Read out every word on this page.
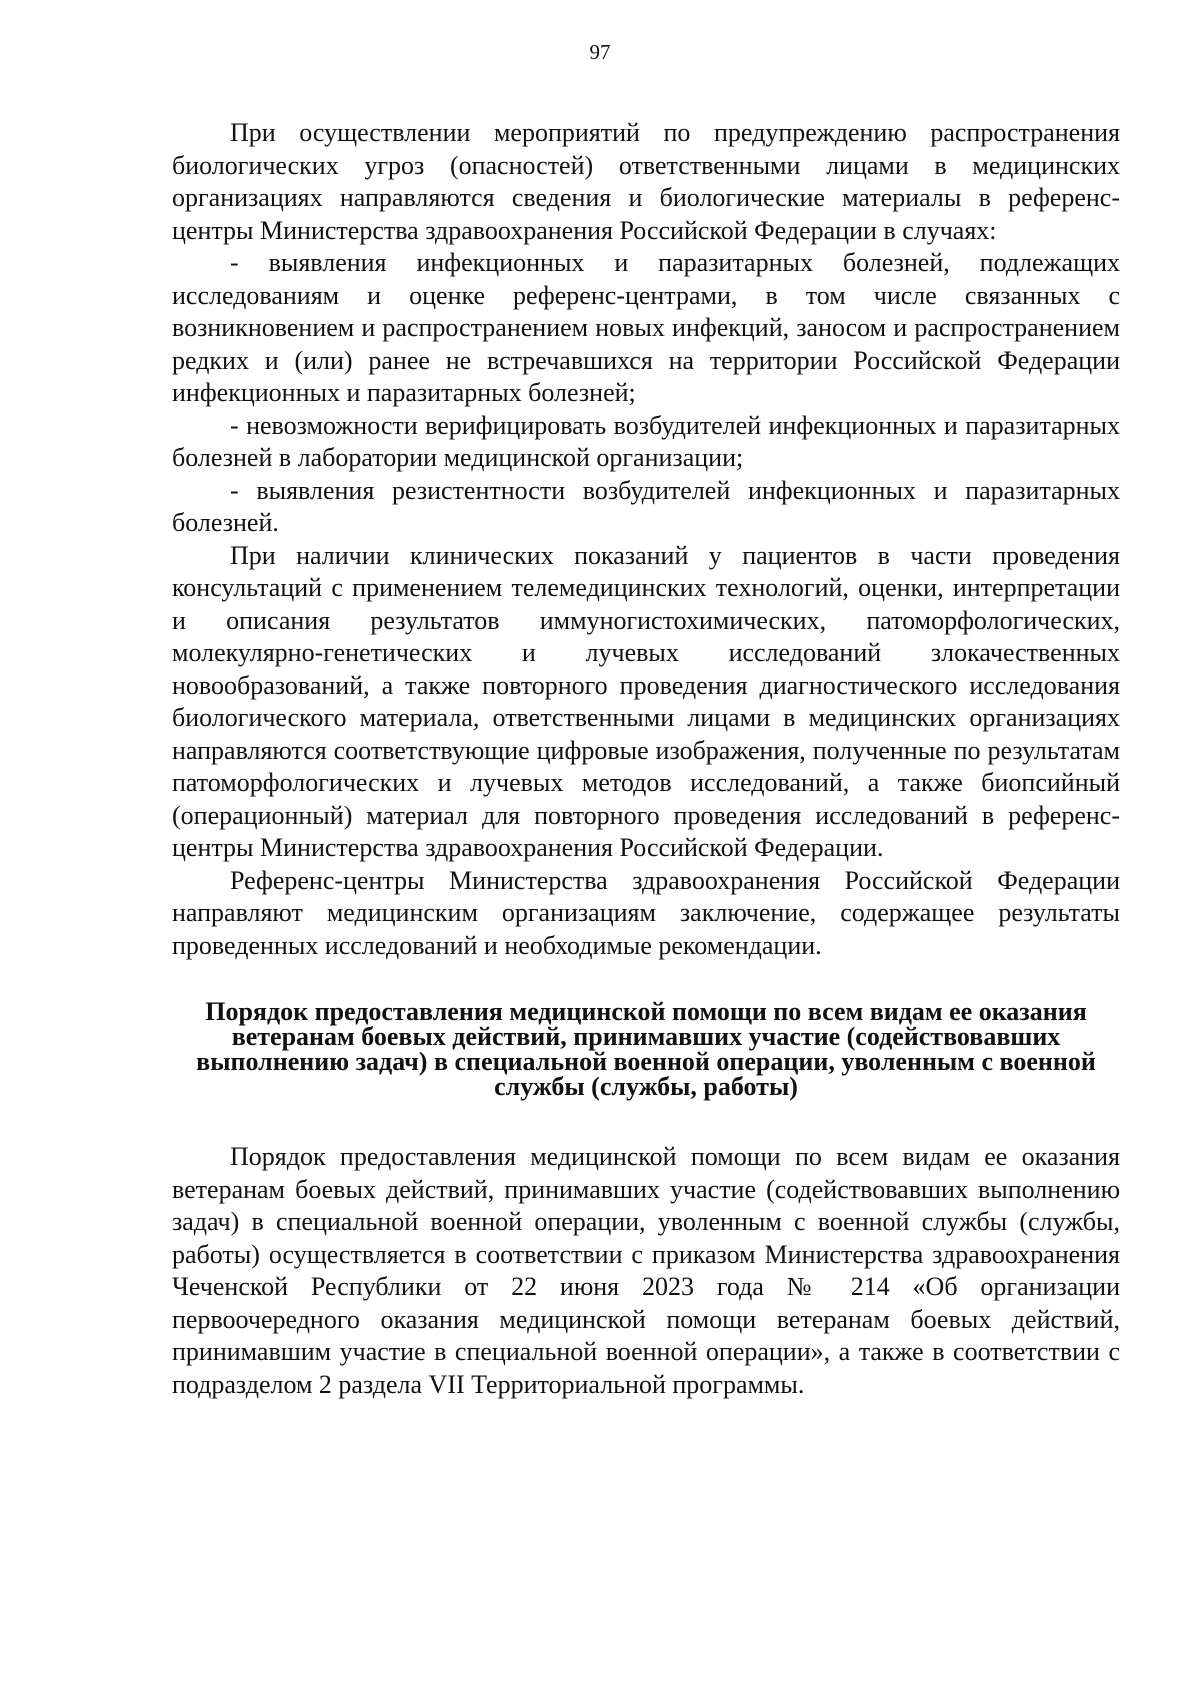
97

При осуществлении мероприятий по предупреждению распространения биологических угроз (опасностей) ответственными лицами в медицинских организациях направляются сведения и биологические материалы в референс-центры Министерства здравоохранения Российской Федерации в случаях:

- выявления инфекционных и паразитарных болезней, подлежащих исследованиям и оценке референс-центрами, в том числе связанных с возникновением и распространением новых инфекций, заносом и распространением редких и (или) ранее не встречавшихся на территории Российской Федерации инфекционных и паразитарных болезней;

- невозможности верифицировать возбудителей инфекционных и паразитарных болезней в лаборатории медицинской организации;

- выявления резистентности возбудителей инфекционных и паразитарных болезней.

При наличии клинических показаний у пациентов в части проведения консультаций с применением телемедицинских технологий, оценки, интерпретации и описания результатов иммуногистохимических, патоморфологических, молекулярно-генетических и лучевых исследований злокачественных новообразований, а также повторного проведения диагностического исследования биологического материала, ответственными лицами в медицинских организациях направляются соответствующие цифровые изображения, полученные по результатам патоморфологических и лучевых методов исследований, а также биопсийный (операционный) материал для повторного проведения исследований в референс-центры Министерства здравоохранения Российской Федерации.

Референс-центры Министерства здравоохранения Российской Федерации направляют медицинским организациям заключение, содержащее результаты проведенных исследований и необходимые рекомендации.

Порядок предоставления медицинской помощи по всем видам ее оказания ветеранам боевых действий, принимавших участие (содействовавших выполнению задач) в специальной военной операции, уволенным с военной службы (службы, работы)

Порядок предоставления медицинской помощи по всем видам ее оказания ветеранам боевых действий, принимавших участие (содействовавших выполнению задач) в специальной военной операции, уволенным с военной службы (службы, работы) осуществляется в соответствии с приказом Министерства здравоохранения Чеченской Республики от 22 июня 2023 года № 214 «Об организации первоочередного оказания медицинской помощи ветеранам боевых действий, принимавшим участие в специальной военной операции», а также в соответствии с подразделом 2 раздела VII Территориальной программы.
